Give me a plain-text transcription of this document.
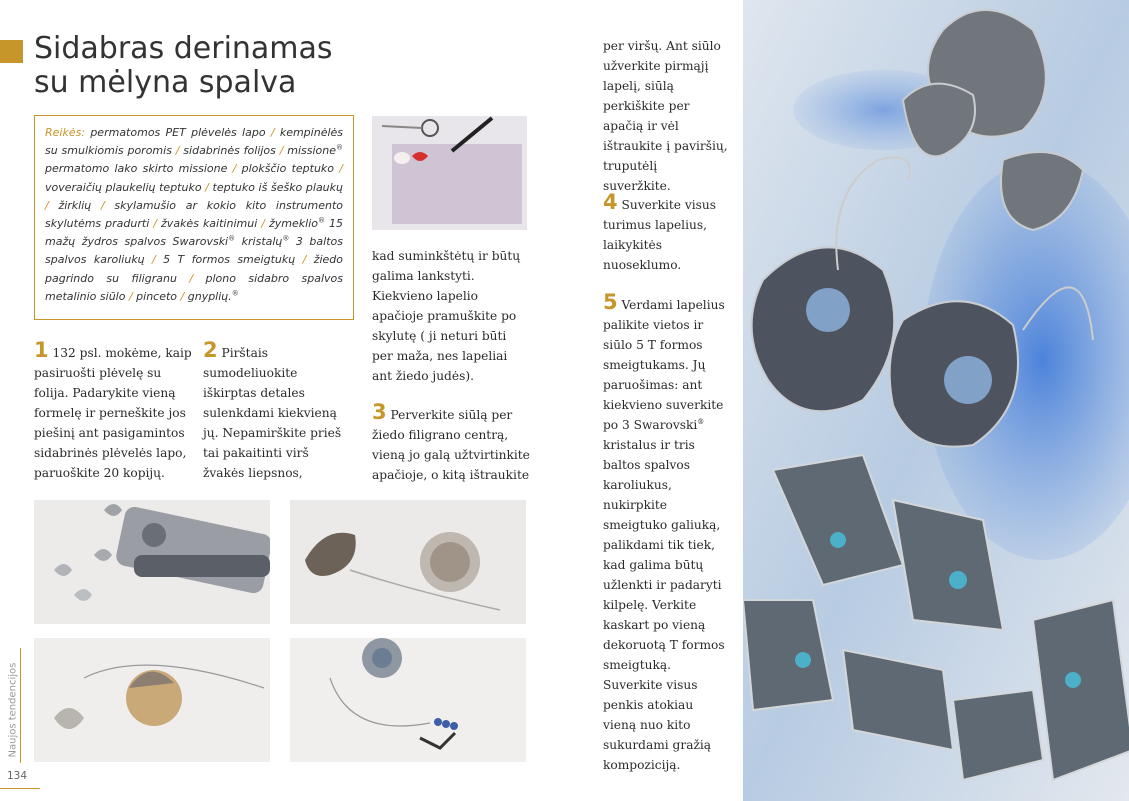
Sidabras derinamas su mėlyna spalva

Reikės: permatomos PET plėvelės lapo / kempinėlės su smulkiomis poromis / sidabrinės folijos / missione® permatomo lako skirto missione / plokščio teptuko / voveraičių plaukelių teptuko / teptuko iš šeško plaukų / žirklių / skylamušio ar kokio kito instrumento skylutėms pradurti / žvakės kaitinimui / žymeklio® 15 mažų žydros spalvos Swarovski® kristalų® 3 baltos spalvos karoliukų / 5 T formos smeigtukų / žiedo pagrindo su filigranu / plono sidabro spalvos metalinio siūlo / pinceto / gnyplių.®

1 132 psl. mokėme, kaip pasiruošti plėvelę su folija. Padarykite vieną formelę ir perneškite jos piešinį ant pasigamintos sidabrinės plėvelės lapo, paruoškite 20 kopijų.

2 Pirštais sumodeliuokite iškirptas detales sulenkdami kiekvieną jų. Nepamirškite prieš tai pakaitinti virš žvakės liepsnos,

kad suminkštėtų ir būtų galima lankstyti. Kiekvieno lapelio apačioje pramuškite po skylutę ( ji neturi būti per maža, nes lapeliai ant žiedo judės).

3 Perverkite siūlą per žiedo filigrano centrą, vieną jo galą užtvirtinkite apačioje, o kitą ištraukite

per viršų. Ant siūlo užverkite pirmąjį lapelį, siūlą perkiškite per apačią ir vėl ištraukite į paviršių, truputėlį suveržkite.

4 Suverkite visus turimus lapelius, laikykitės nuoseklumo.

5 Verdami lapelius palikite vietos ir siūlo 5 T formos smeigtukams. Jų paruošimas: ant kiekvieno suverkite po 3 Swarovski® kristalus ir tris baltos spalvos karoliukus, nukirpkite smeigtuko galiuką, palikdami tik tiek, kad galima būtų užlenkti ir padaryti kilpelę. Verkite kaskart po vieną dekoruotą T formos smeigtuką. Suverkite visus penkis atokiau vieną nuo kito sukurdami gražią kompoziciją.

Naujos tendencijos
134
